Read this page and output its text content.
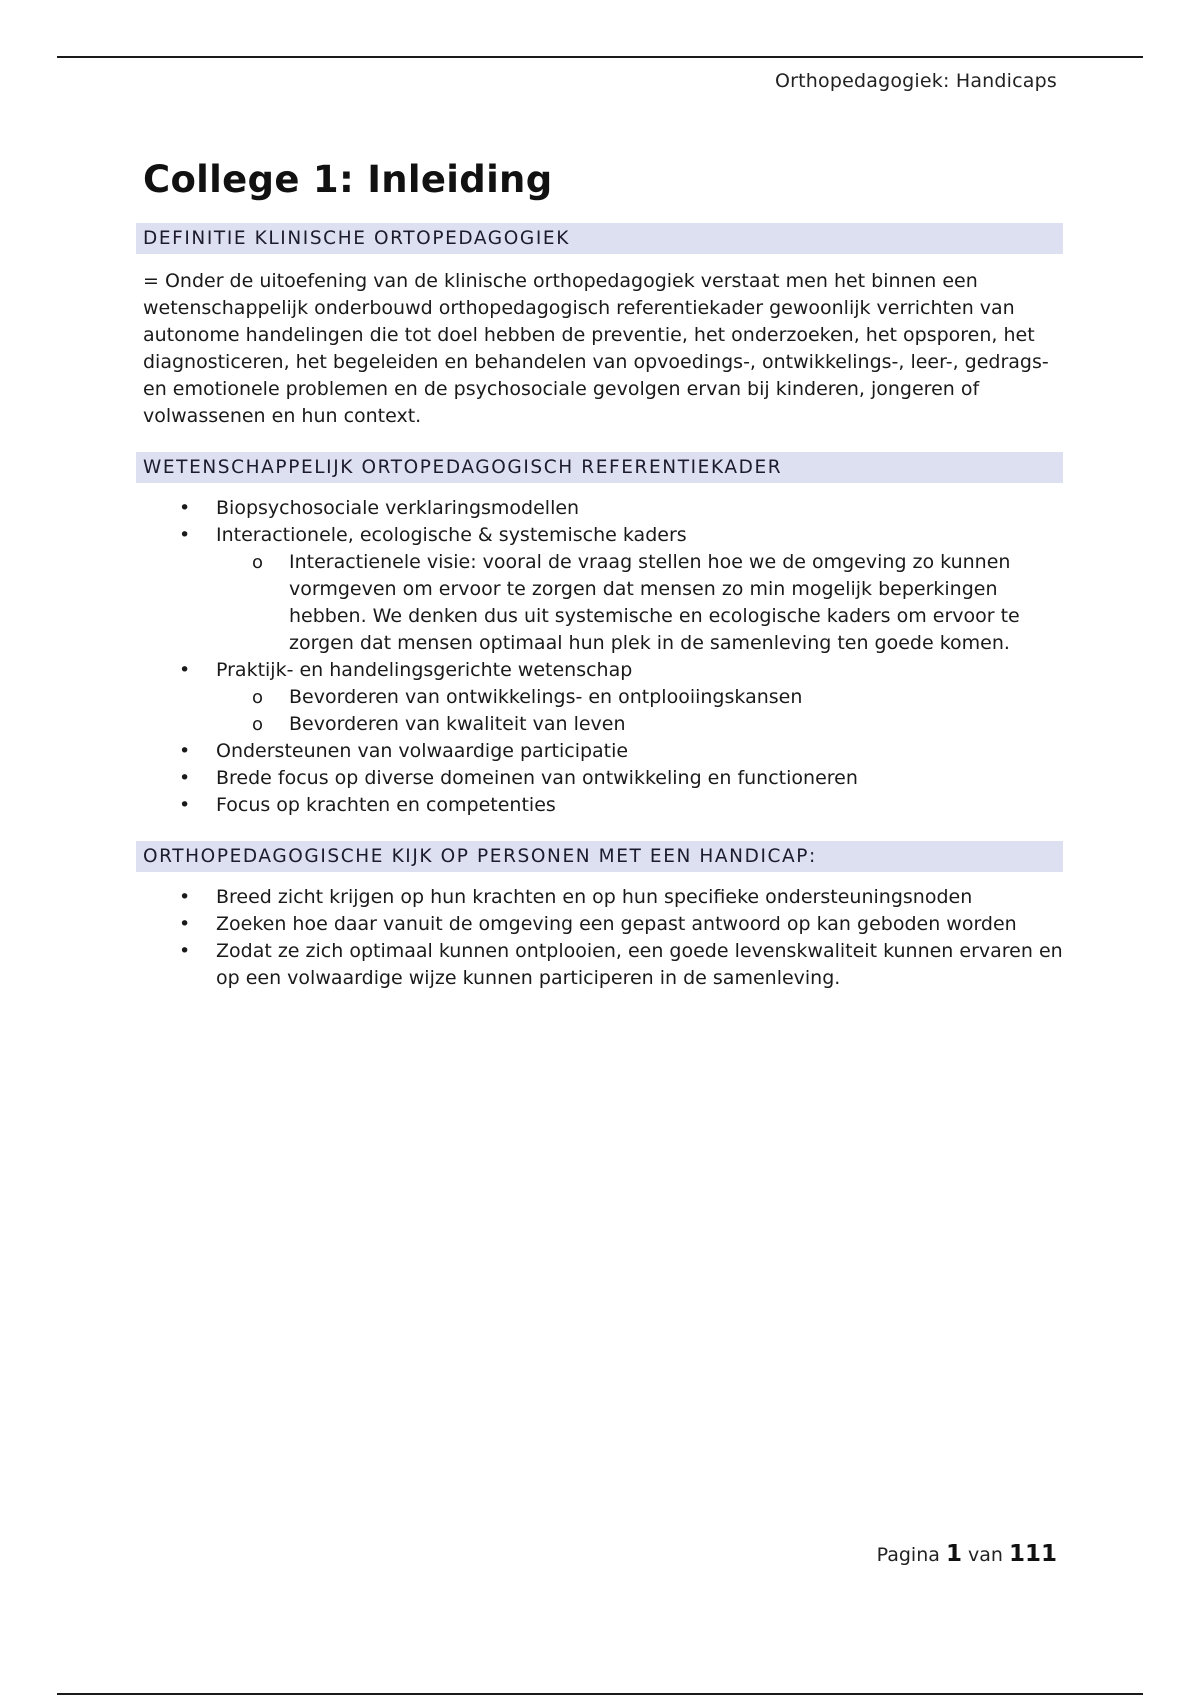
Orthopedagogiek: Handicaps
College 1: Inleiding
DEFINITIE KLINISCHE ORTOPEDAGOGIEK

= Onder de uitoefening van de klinische orthopedagogiek verstaat men het binnen een wetenschappelijk onderbouwd orthopedagogisch referentiekader gewoonlijk verrichten van autonome handelingen die tot doel hebben de preventie, het onderzoeken, het opsporen, het diagnosticeren, het begeleiden en behandelen van opvoedings-, ontwikkelings-, leer-, gedrags- en emotionele problemen en de psychosociale gevolgen ervan bij kinderen, jongeren of volwassenen en hun context.

WETENSCHAPPELIJK ORTOPEDAGOGISCH REFERENTIEKADER
• Biopsychosociale verklaringsmodellen
• Interactionele, ecologische & systemische kaders
o Interactienele visie: vooral de vraag stellen hoe we de omgeving zo kunnen vormgeven om ervoor te zorgen dat mensen zo min mogelijk beperkingen hebben. We denken dus uit systemische en ecologische kaders om ervoor te zorgen dat mensen optimaal hun plek in de samenleving ten goede komen.
• Praktijk- en handelingsgerichte wetenschap
o Bevorderen van ontwikkelings- en ontplooiingskansen
o Bevorderen van kwaliteit van leven
• Ondersteunen van volwaardige participatie
• Brede focus op diverse domeinen van ontwikkeling en functioneren
• Focus op krachten en competenties
ORTHOPEDAGOGISCHE KIJK OP PERSONEN MET EEN HANDICAP:
• Breed zicht krijgen op hun krachten en op hun specifieke ondersteuningsnoden
• Zoeken hoe daar vanuit de omgeving een gepast antwoord op kan geboden worden
• Zodat ze zich optimaal kunnen ontplooien, een goede levenskwaliteit kunnen ervaren en op een volwaardige wijze kunnen participeren in de samenleving.
Pagina 1 van 111
